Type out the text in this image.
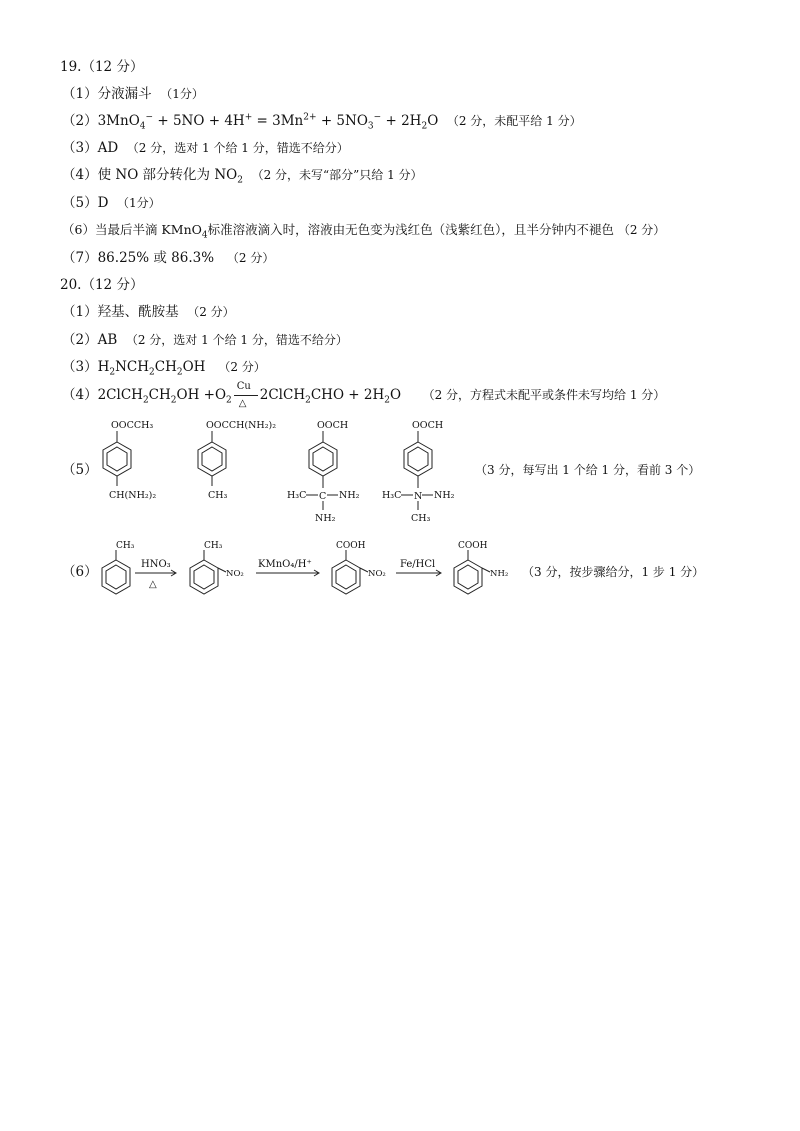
19.（12 分）
（1）分液漏斗 （1分）
$(2)3MnO_4^- + 5NO + 4H^+ = 3Mn^{2+} + 5NO_3^- + 2H_2O$ （2 分，未配平给 1 分）
（3）AD （2 分，选对 1 个给 1 分，错选不给分）
（4）使 NO 部分转化为 $NO_2$ （2 分，未写“部分”只给 1 分）
（5）D （1分）
（6）当最后半滴 KMnO$_4$标准溶液滴入时，溶液由无色变为浅红色（浅紫红色），且半分钟内不褪色 （2 分）
（7）86.25% 或 86.3% （2 分）
20.（12 分）
（1）羟基、酰胺基 （2 分）
（2）AB （2 分，选对 1 个给 1 分，错选不给分）
$(3)H_2NCH_2CH_2OH$ （2 分）
$(4)2ClCH_2CH_2OH +O_2$
Cu
△ 2ClCH$_2$CHO + $2H_2O$ （2 分，方程式未配平或条件未写均给 1 分）
（5）
OOCCH₃
CH(NH₂)₂
OOCCH(NH₂)₂
CH₃
OOCH
H₃C C NH₂
NH₂
OOCH
H₃C N NH₂
CH₃
（3 分，每写出 1 个给 1 分，看前 3 个）
（6）
CH₃
HNO₃
△
CH₃
NO₂
KMnO₄/H⁺
COOH
NO₂
Fe/HCl
COOH
NH₂ （3 分，按步骤给分，1 步 1 分）
